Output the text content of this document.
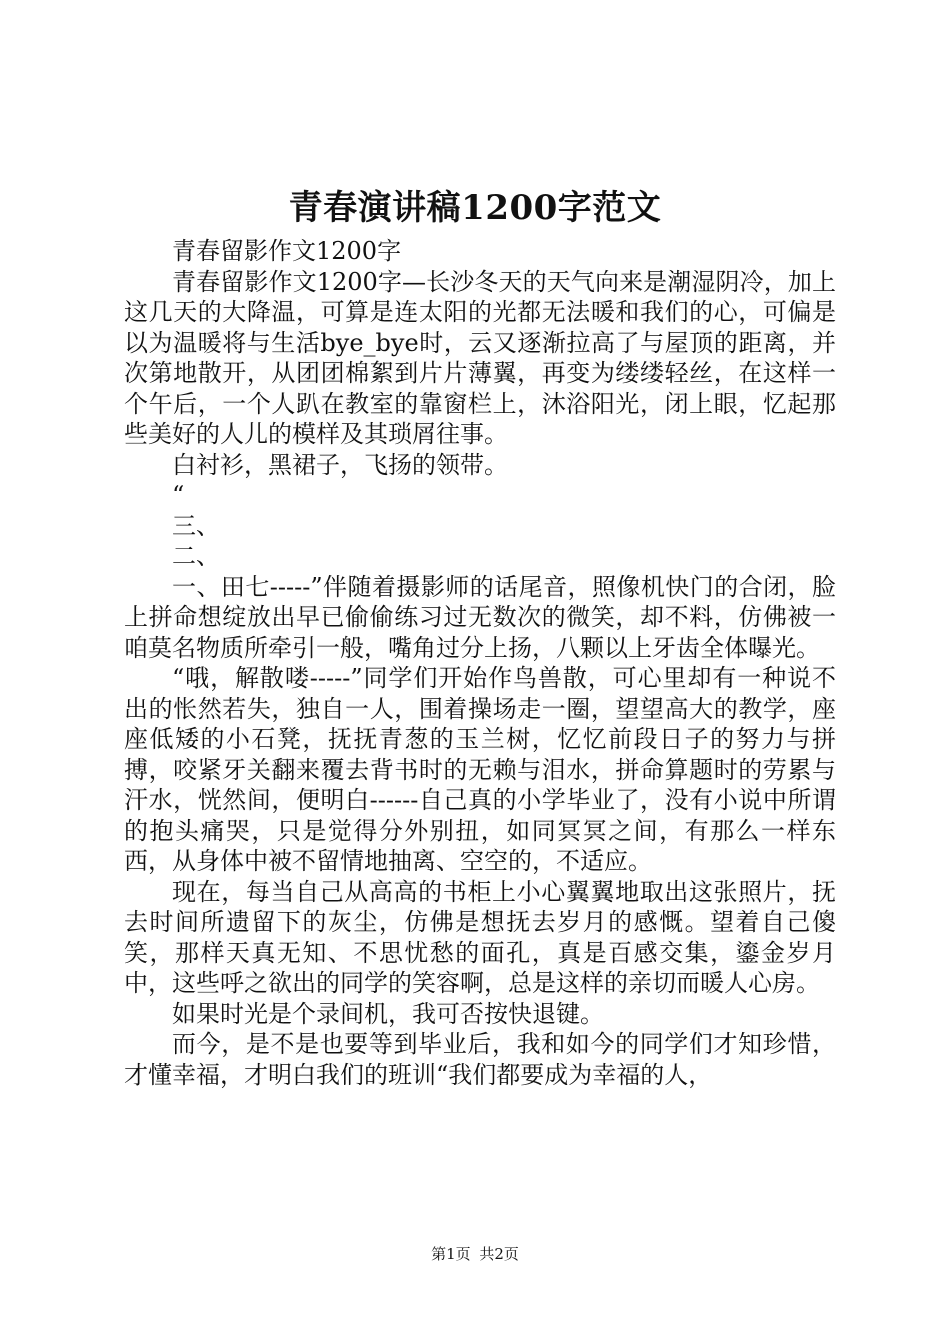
青春演讲稿1200字范文

青春留影作文1200字

青春留影作文1200字—长沙冬天的天气向来是潮湿阴冷，加上这几天的大降温，可算是连太阳的光都无法暖和我们的心，可偏是以为温暖将与生活bye_bye时，云又逐渐拉高了与屋顶的距离，并次第地散开，从团团棉絮到片片薄翼，再变为缕缕轻丝，在这样一个午后，一个人趴在教室的靠窗栏上，沐浴阳光，闭上眼，忆起那些美好的人儿的模样及其琐屑往事。

白衬衫，黑裙子，飞扬的领带。

“

三、

二、

一、田七-----”伴随着摄影师的话尾音，照像机快门的合闭，脸上拼命想绽放出早已偷偷练习过无数次的微笑，却不料，仿佛被一咱莫名物质所牵引一般，嘴角过分上扬，八颗以上牙齿全体曝光。

“哦，解散喽-----”同学们开始作鸟兽散，可心里却有一种说不出的怅然若失，独自一人，围着操场走一圈，望望高大的教学，座座低矮的小石凳，抚抚青葱的玉兰树，忆忆前段日子的努力与拼搏，咬紧牙关翻来覆去背书时的无赖与泪水，拼命算题时的劳累与汗水，恍然间，便明白------自己真的小学毕业了，没有小说中所谓的抱头痛哭，只是觉得分外别扭，如同冥冥之间，有那么一样东西，从身体中被不留情地抽离、空空的，不适应。

现在，每当自己从高高的书柜上小心翼翼地取出这张照片，抚去时间所遗留下的灰尘，仿佛是想抚去岁月的感慨。望着自己傻笑，那样天真无知、不思忧愁的面孔，真是百感交集，鎏金岁月中，这些呼之欲出的同学的笑容啊，总是这样的亲切而暖人心房。

如果时光是个录间机，我可否按快退键。

而今，是不是也要等到毕业后，我和如今的同学们才知珍惜，才懂幸福，才明白我们的班训“我们都要成为幸福的人，

第1页 共2页
